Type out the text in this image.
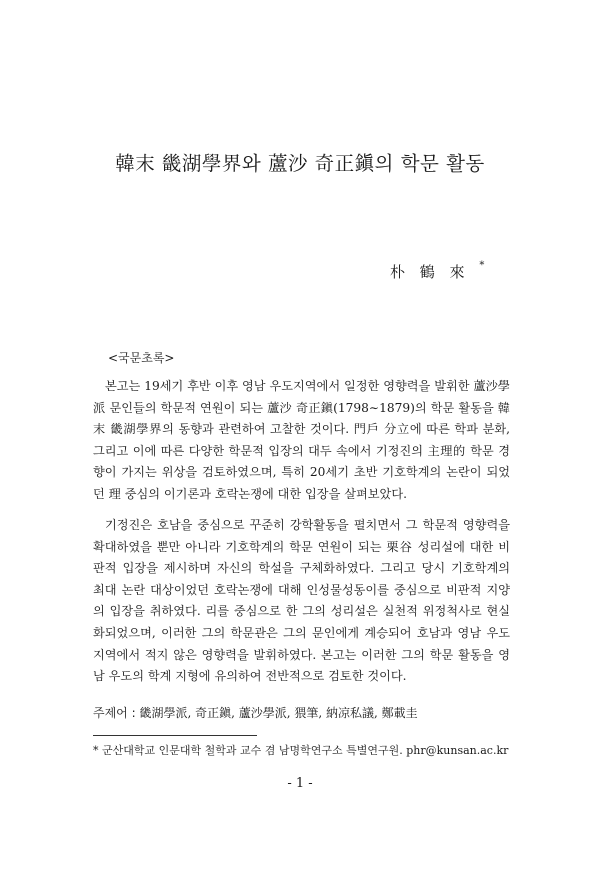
韓末 畿湖學界와 蘆沙 奇正鎭의 학문 활동
朴 鶴 來 *
<국문초록>
본고는 19세기 후반 이후 영남 우도지역에서 일정한 영향력을 발휘한 蘆沙學
派 문인들의 학문적 연원이 되는 蘆沙 奇正鎭(1798∼1879)의 학문 활동을 韓
末 畿湖學界의 동향과 관련하여 고찰한 것이다. 門戶 分立에 따른 학파 분화,
그리고 이에 따른 다양한 학문적 입장의 대두 속에서 기정진의 主理的 학문 경
향이 가지는 위상을 검토하였으며, 특히 20세기 초반 기호학계의 논란이 되었
던 理 중심의 이기론과 호락논쟁에 대한 입장을 살펴보았다.
기정진은 호남을 중심으로 꾸준히 강학활동을 펼치면서 그 학문적 영향력을
확대하였을 뿐만 아니라 기호학계의 학문 연원이 되는 栗谷 성리설에 대한 비
판적 입장을 제시하며 자신의 학설을 구체화하였다. 그리고 당시 기호학계의
최대 논란 대상이었던 호락논쟁에 대해 인성물성동이를 중심으로 비판적 지양
의 입장을 취하였다. 리를 중심으로 한 그의 성리설은 실천적 위정척사로 현실
화되었으며, 이러한 그의 학문관은 그의 문인에게 계승되어 호남과 영남 우도
지역에서 적지 않은 영향력을 발휘하였다. 본고는 이러한 그의 학문 활동을 영
남 우도의 학계 지형에 유의하여 전반적으로 검토한 것이다.
주제어 : 畿湖學派, 奇正鎭, 蘆沙學派, 猥筆, 納凉私議, 鄭載圭
* 군산대학교 인문대학 철학과 교수 겸 남명학연구소 특별연구원. phr@kunsan.ac.kr
- 1 -
